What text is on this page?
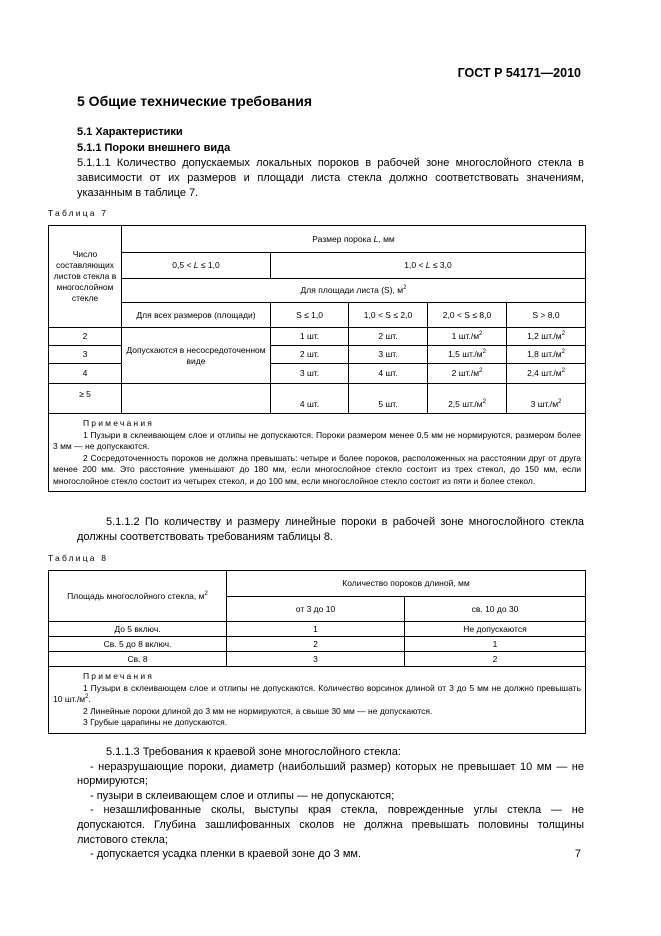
ГОСТ Р 54171—2010
5 Общие технические требования
5.1 Характеристики
5.1.1 Пороки внешнего вида
5.1.1.1 Количество допускаемых локальных пороков в рабочей зоне многослойного стекла в зависимости от их размеров и площади листа стекла должно соответствовать значениям, указанным в таблице 7.
Таблица 7
Число составляющих листов стекла в многослойном стекле	Размер порока L, мм				
	0,5 < L ≤ 1,0	1,0 < L ≤ 3,0			
	Для площади листа (S), $м^2$
	Для всех размеров (площади)	S ≤ 1,0	1,0 < S ≤ 2,0	2,0 < S ≤ 8,0	S > 8,0
2	Допускаются в несосредоточенном виде	1 шт.	2 шт.	1 $шт./м^2$	1,2 $шт./м^2$
3		2 шт.	3 шт.	1,5 $шт./м^2$	1,8 $шт./м^2$
4		3 шт.	4 шт.	2 $шт./м^2$	2,4 $шт./м^2$
≥ 5		4 шт.	5 шт.	2,5 $шт./м^2$	3 $шт./м^2$

Примечания
1 Пузыри в склеивающем слое и отлипы не допускаются. Пороки размером менее 0,5 мм не нормируются, размером более 3 мм — не допускаются.
2 Сосредоточенность пороков не должна превышать: четыре и более пороков, расположенных на расстоянии друг от друга менее 200 мм. Это расстояние уменьшают до 180 мм, если многослойное стекло состоит из трех стекол, до 150 мм, если многослойное стекло состоит из четырех стекол, и до 100 мм, если многослойное стекло состоит из пяти и более стекол.					
5.1.1.2 По количеству и размеру линейные пороки в рабочей зоне многослойного стекла должны соответствовать требованиям таблицы 8.
Таблица 8
Площадь многослойного стекла, $м^2$	Количество пороков длиной, мм	
	от 3 до 10	св. 10 до 30
До 5 включ.	1	Не допускаются
Св. 5 до 8 включ.	2	1
Св. 8	3	2

Примечания
1 Пузыри в склеивающем слое и отлипы не допускаются. Количество ворсинок длиной от 3 до 5 мм не должно превышать 10 $шт./м^2$.
2 Линейные пороки длиной до 3 мм не нормируются, а свыше 30 мм — не допускаются.
3 Грубые царапины не допускаются.		
5.1.1.3 Требования к краевой зоне многослойного стекла:
- неразрушающие пороки, диаметр (наибольший размер) которых не превышает 10 мм — не нормируются;
- пузыри в склеивающем слое и отлипы — не допускаются;
- незашлифованные сколы, выступы края стекла, поврежденные углы стекла — не допускаются. Глубина зашлифованных сколов не должна превышать половины толщины листового стекла;
- допускается усадка пленки в краевой зоне до 3 мм.	7
